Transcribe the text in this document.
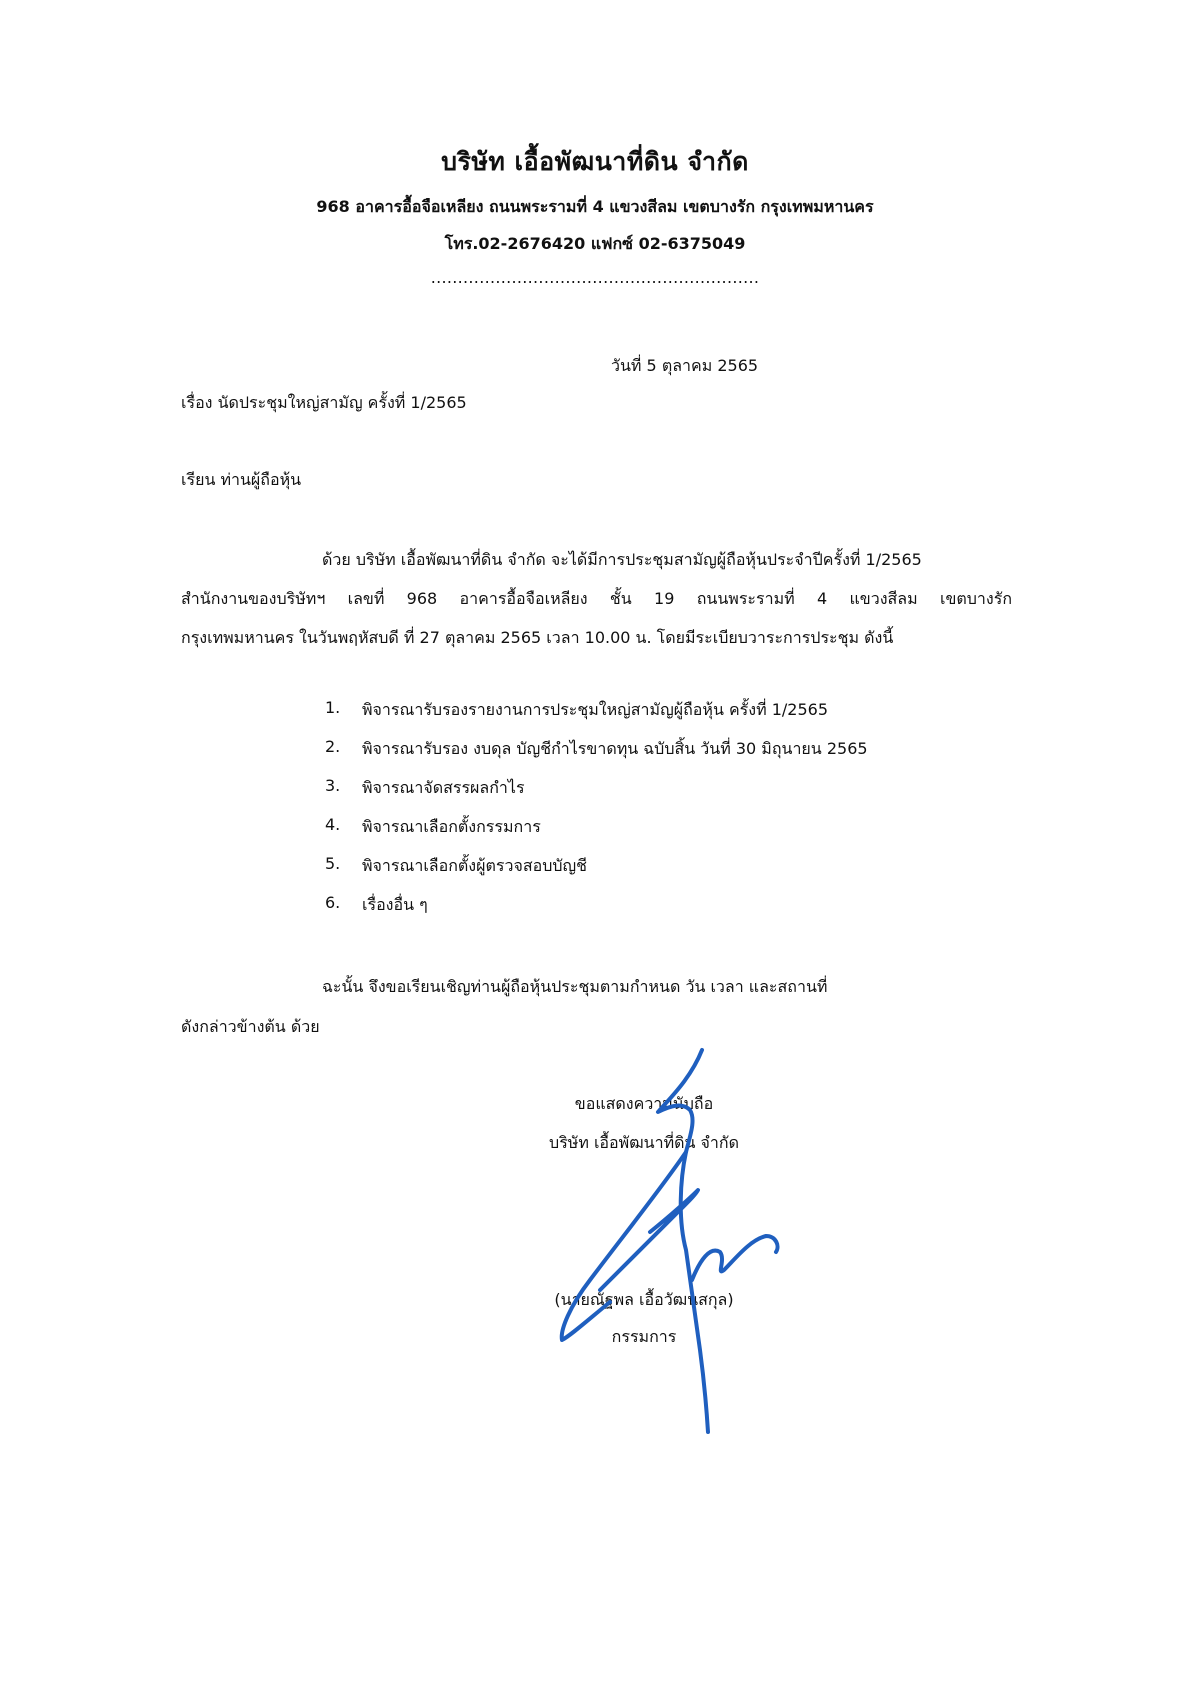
บริษัท เอื้อพัฒนาที่ดิน จำกัด
968 อาคารอื้อจือเหลียง ถนนพระรามที่ 4 แขวงสีลม เขตบางรัก กรุงเทพมหานคร
โทร.02-2676420 แฟกซ์ 02-6375049
.............................................................
วันที่ 5 ตุลาคม 2565
เรื่อง นัดประชุมใหญ่สามัญ ครั้งที่ 1/2565
เรียน ท่านผู้ถือหุ้น
ด้วย บริษัท เอื้อพัฒนาที่ดิน จำกัด จะได้มีการประชุมสามัญผู้ถือหุ้นประจำปีครั้งที่ 1/2565
สำนักงานของบริษัทฯ เลขที่ 968 อาคารอื้อจือเหลียง ชั้น 19 ถนนพระรามที่ 4 แขวงสีลม เขตบางรัก
กรุงเทพมหานคร ในวันพฤหัสบดี ที่ 27 ตุลาคม 2565 เวลา 10.00 น. โดยมีระเบียบวาระการประชุม ดังนี้
1.	พิจารณารับรองรายงานการประชุมใหญ่สามัญผู้ถือหุ้น ครั้งที่ 1/2565
2.	พิจารณารับรอง งบดุล บัญชีกำไรขาดทุน ฉบับสิ้น วันที่ 30 มิถุนายน 2565
3.	พิจารณาจัดสรรผลกำไร
4.	พิจารณาเลือกตั้งกรรมการ
5.	พิจารณาเลือกตั้งผู้ตรวจสอบบัญชี
6.	เรื่องอื่น ๆ
ฉะนั้น จึงขอเรียนเชิญท่านผู้ถือหุ้นประชุมตามกำหนด วัน เวลา และสถานที่
ดังกล่าวข้างต้น ด้วย
ขอแสดงความนับถือ
บริษัท เอื้อพัฒนาที่ดิน จำกัด
(นายณัฐพล เอื้อวัฒนสกุล)
กรรมการ
